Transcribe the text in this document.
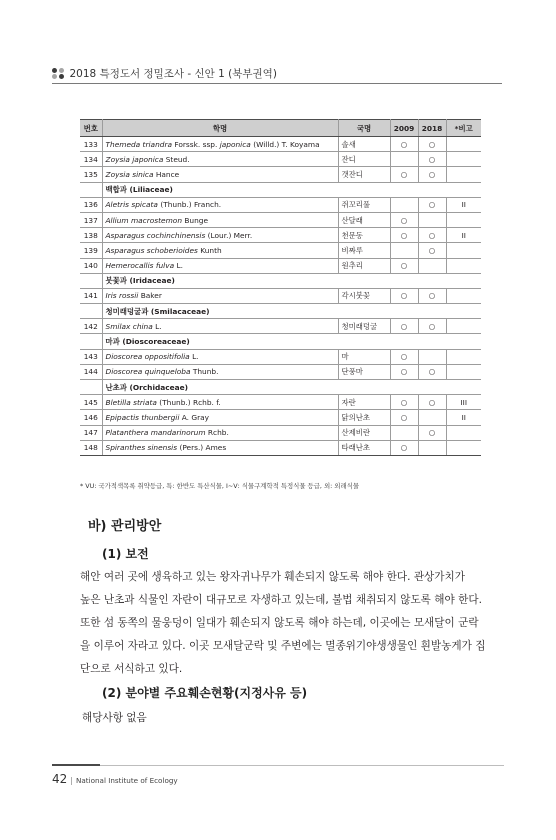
2018 특정도서 정밀조사 - 신안 1 (북부권역)
번호	학명	국명	2009	2018	*비고
133	Themeda triandra Forssk. ssp. japonica (Willd.) T. Koyama	솔새	○	○	
134	Zoysia japonica Steud.	잔디		○	
135	Zoysia sinica Hance	갯잔디	○	○	
	백합과 (Liliaceae)				
136	Aletris spicata (Thunb.) Franch.	쥐꼬리풀		○	II
137	Allium macrostemon Bunge	산달래	○		
138	Asparagus cochinchinensis (Lour.) Merr.	천문동	○	○	II
139	Asparagus schoberioides Kunth	비짜루		○	
140	Hemerocallis fulva L.	원추리	○		
	붓꽃과 (Iridaceae)				
141	Iris rossii Baker	각시붓꽃	○	○	
	청미래덩굴과 (Smilacaceae)				
142	Smilax china L.	청미래덩굴	○	○	
	마과 (Dioscoreaceae)				
143	Dioscorea oppositifolia L.	마	○		
144	Dioscorea quinqueloba Thunb.	단풍마	○	○	
	난초과 (Orchidaceae)				
145	Bletilla striata (Thunb.) Rchb. f.	자란	○	○	III
146	Epipactis thunbergii A. Gray	닭의난초	○		II
147	Platanthera mandarinorum Rchb.	산제비란		○	
148	Spiranthes sinensis (Pers.) Ames	타래난초	○		
* VU: 국가적색목록 취약등급, 특: 한반도 특산식물, Ⅰ~Ⅴ: 식물구계학적 특정식물 등급, 외: 외래식물
바) 관리방안
(1) 보전
해안 여러 곳에 생육하고 있는 왕자귀나무가 훼손되지 않도록 해야 한다. 관상가치가
높은 난초과 식물인 자란이 대규모로 자생하고 있는데, 불법 채취되지 않도록 해야 한다.
또한 섬 동쪽의 물웅덩이 일대가 훼손되지 않도록 해야 하는데, 이곳에는 모새달이 군락
을 이루어 자라고 있다. 이곳 모새달군락 및 주변에는 멸종위기야생생물인 흰발농게가 집
단으로 서식하고 있다.
(2) 분야별 주요훼손현황(지정사유 등)
해당사항 없음
42 | National Institute of Ecology
